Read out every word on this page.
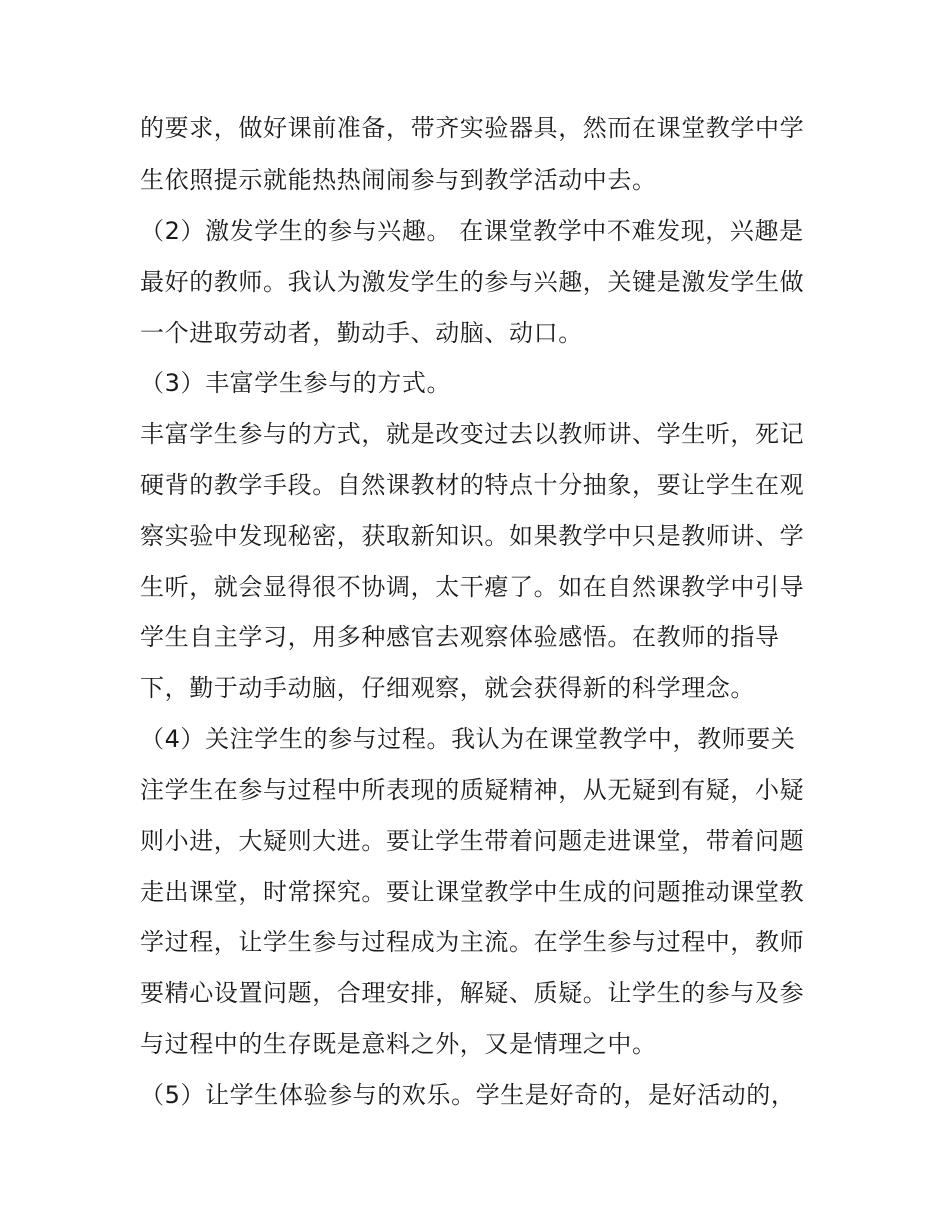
的要求，做好课前准备，带齐实验器具，然而在课堂教学中学
生依照提示就能热热闹闹参与到教学活动中去。
（2）激发学生的参与兴趣。 在课堂教学中不难发现，兴趣是
最好的教师。我认为激发学生的参与兴趣，关键是激发学生做
一个进取劳动者，勤动手、动脑、动口。
（3）丰富学生参与的方式。
丰富学生参与的方式，就是改变过去以教师讲、学生听，死记
硬背的教学手段。自然课教材的特点十分抽象，要让学生在观
察实验中发现秘密，获取新知识。如果教学中只是教师讲、学
生听，就会显得很不协调，太干瘪了。如在自然课教学中引导
学生自主学习，用多种感官去观察体验感悟。在教师的指导
下，勤于动手动脑，仔细观察，就会获得新的科学理念。
（4）关注学生的参与过程。我认为在课堂教学中，教师要关
注学生在参与过程中所表现的质疑精神，从无疑到有疑，小疑
则小进，大疑则大进。要让学生带着问题走进课堂，带着问题
走出课堂，时常探究。要让课堂教学中生成的问题推动课堂教
学过程，让学生参与过程成为主流。在学生参与过程中，教师
要精心设置问题，合理安排，解疑、质疑。让学生的参与及参
与过程中的生存既是意料之外，又是情理之中。
（5）让学生体验参与的欢乐。学生是好奇的，是好活动的，
